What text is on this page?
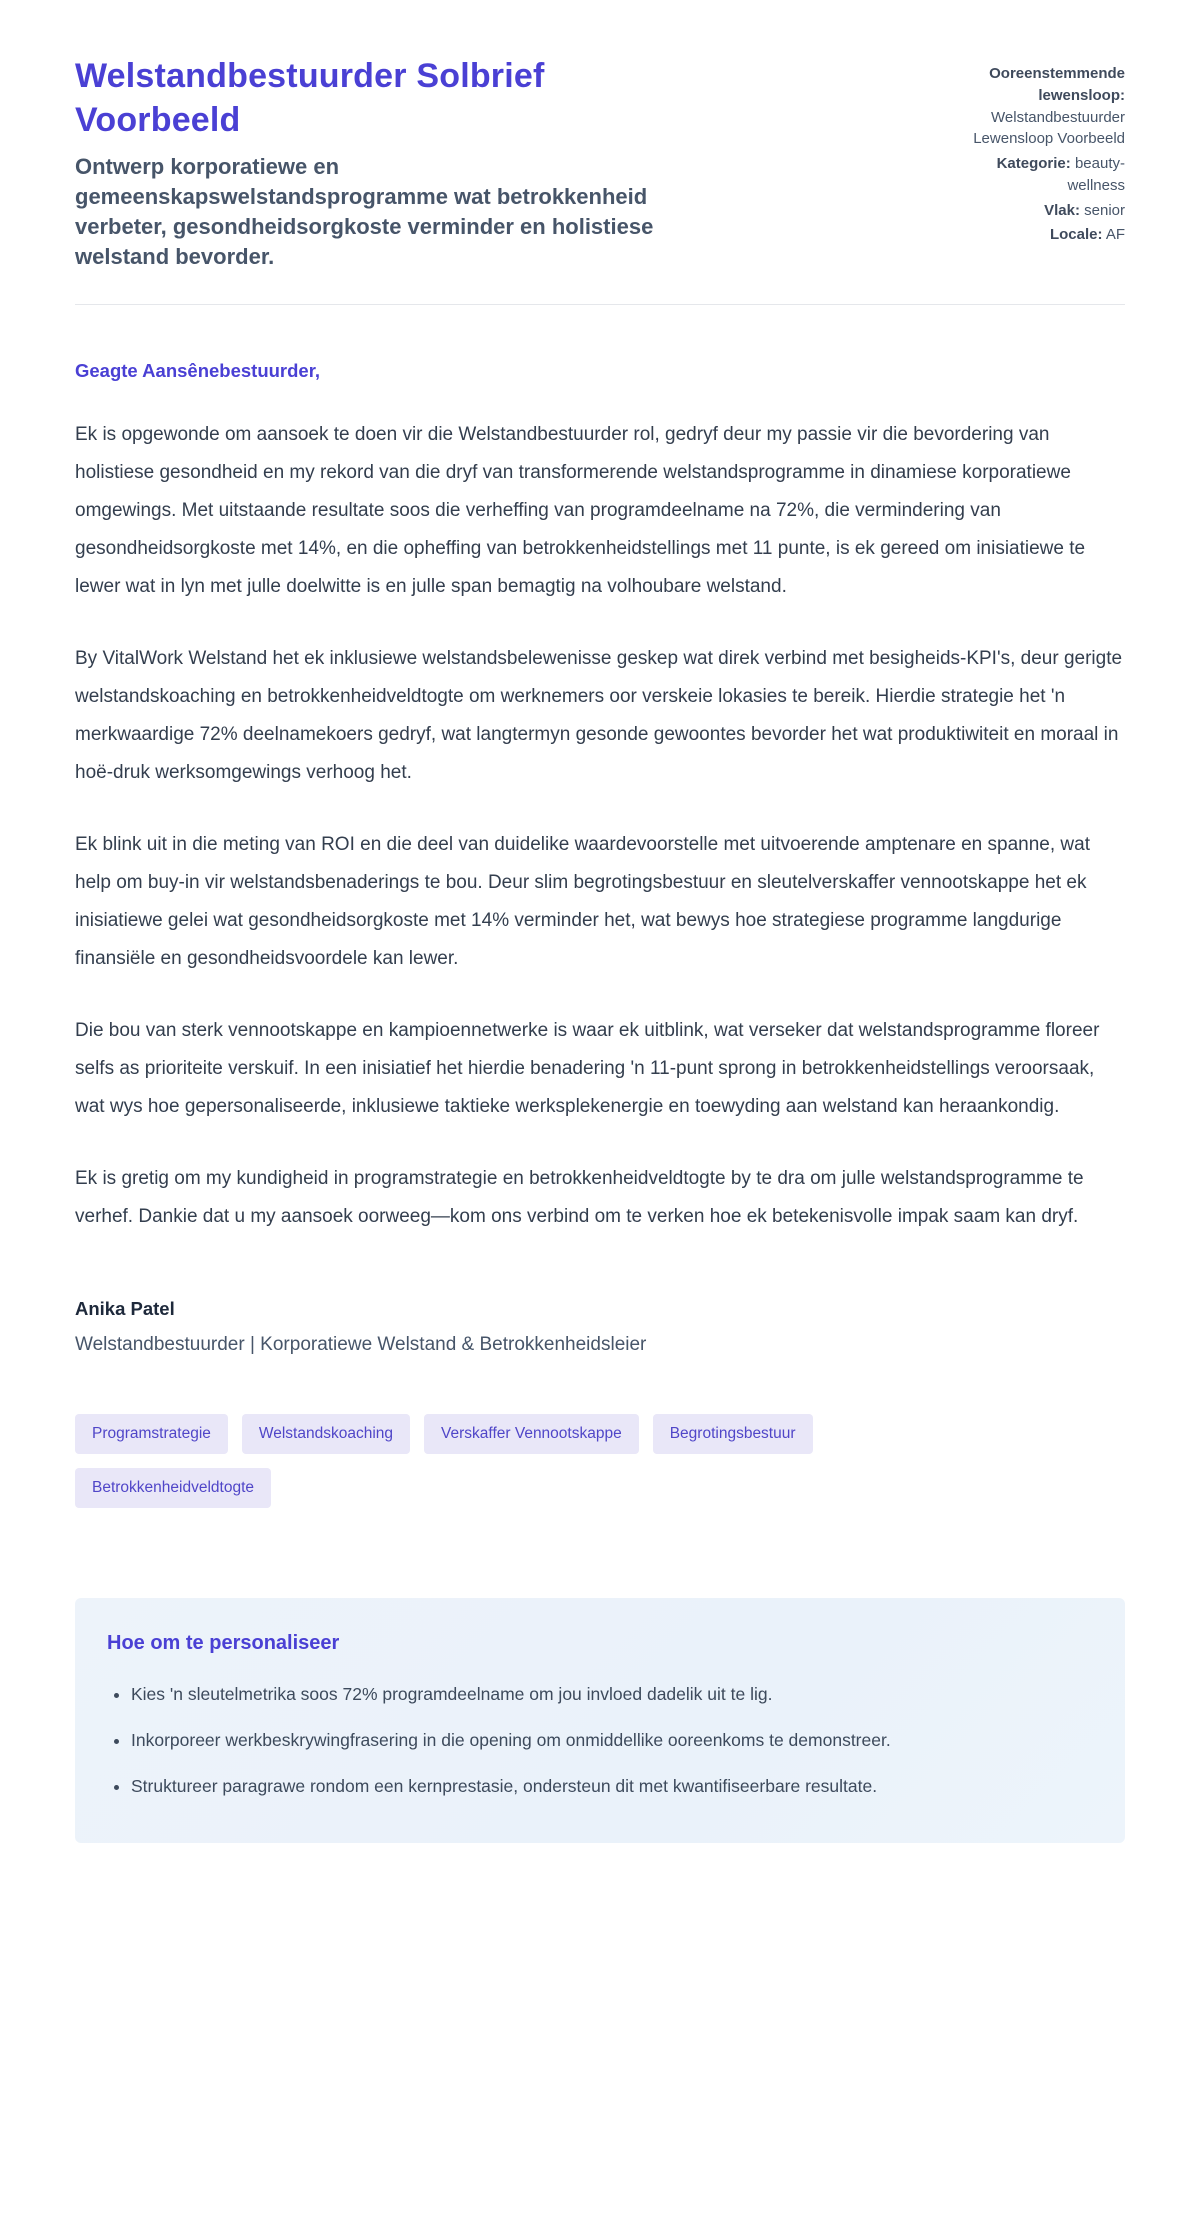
Welstandbestuurder Solbrief Voorbeeld

Ontwerp korporatiewe en gemeenskapswelstandsprogramme wat betrokkenheid verbeter, gesondheidsorgkoste verminder en holistiese welstand bevorder.

Ooreenstemmende lewensloop: Welstandbestuurder Lewensloop Voorbeeld
Kategorie: beauty-wellness
Vlak: senior
Locale: AF

Geagte Aansênebestuurder,

Ek is opgewonde om aansoek te doen vir die Welstandbestuurder rol, gedryf deur my passie vir die bevordering van holistiese gesondheid en my rekord van die dryf van transformerende welstandsprogramme in dinamiese korporatiewe omgewings. Met uitstaande resultate soos die verheffing van programdeelname na 72%, die vermindering van gesondheidsorgkoste met 14%, en die opheffing van betrokkenheidstellings met 11 punte, is ek gereed om inisiatiewe te lewer wat in lyn met julle doelwitte is en julle span bemagtig na volhoubare welstand.

By VitalWork Welstand het ek inklusiewe welstandsbelewenisse geskep wat direk verbind met besigheids-KPI's, deur gerigte welstandskoaching en betrokkenheidveldtogte om werknemers oor verskeie lokasies te bereik. Hierdie strategie het 'n merkwaardige 72% deelnamekoers gedryf, wat langtermyn gesonde gewoontes bevorder het wat produktiwiteit en moraal in hoë-druk werksomgewings verhoog het.

Ek blink uit in die meting van ROI en die deel van duidelike waardevoorstelle met uitvoerende amptenare en spanne, wat help om buy-in vir welstandsbenaderings te bou. Deur slim begrotingsbestuur en sleutelverskaffer vennootskappe het ek inisiatiewe gelei wat gesondheidsorgkoste met 14% verminder het, wat bewys hoe strategiese programme langdurige finansiële en gesondheidsvoordele kan lewer.

Die bou van sterk vennootskappe en kampioennetwerke is waar ek uitblink, wat verseker dat welstandsprogramme floreer selfs as prioriteite verskuif. In een inisiatief het hierdie benadering 'n 11-punt sprong in betrokkenheidstellings veroorsaak, wat wys hoe gepersonaliseerde, inklusiewe taktieke werksplekenergie en toewyding aan welstand kan heraankondig.

Ek is gretig om my kundigheid in programstrategie en betrokkenheidveldtogte by te dra om julle welstandsprogramme te verhef. Dankie dat u my aansoek oorweeg—kom ons verbind om te verken hoe ek betekenisvolle impak saam kan dryf.

Anika Patel

Welstandbestuurder | Korporatiewe Welstand & Betrokkenheidsleier

Programstrategie	Welstandskoaching	Verskaffer Vennootskappe	Begrotingsbestuur
Betrokkenheidveldtogte
Hoe om te personaliseer
• Kies 'n sleutelmetrika soos 72% programdeelname om jou invloed dadelik uit te lig.
• Inkorporeer werkbeskrywingfrasering in die opening om onmiddellike ooreenkoms te demonstreer.
• Struktureer paragrawe rondom een kernprestasie, ondersteun dit met kwantifiseerbare resultate.
